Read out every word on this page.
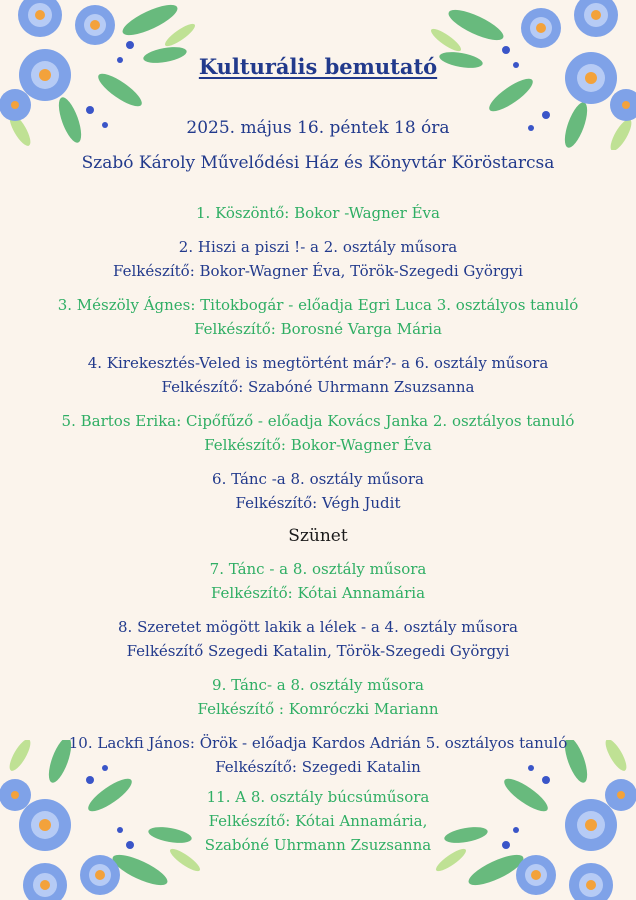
Kulturális bemutató
2025. május 16. péntek 18 óra
Szabó Károly Művelődési Ház és Könyvtár Köröstarcsa
1. Köszöntő: Bokor -Wagner Éva
2. Hiszi a piszi !- a 2. osztály műsora
Felkészítő: Bokor-Wagner Éva, Török-Szegedi Györgyi
3. Mészöly Ágnes: Titokbogár - előadja Egri Luca 3. osztályos tanuló
Felkészítő: Borosné Varga Mária
4. Kirekesztés-Veled is megtörtént már?- a 6. osztály műsora
Felkészítő: Szabóné Uhrmann Zsuzsanna
5. Bartos Erika: Cipőfűző - előadja Kovács Janka 2. osztályos tanuló
Felkészítő: Bokor-Wagner Éva
6. Tánc -a 8. osztály műsora
Felkészítő: Végh Judit
Szünet
7. Tánc - a 8. osztály műsora
Felkészítő: Kótai Annamária
8. Szeretet mögött lakik a lélek - a 4. osztály műsora
Felkészítő Szegedi Katalin, Török-Szegedi Györgyi
9. Tánc- a 8. osztály műsora
Felkészítő : Komróczki Mariann
10. Lackfi János: Örök - előadja Kardos Adrián 5. osztályos tanuló
Felkészítő: Szegedi Katalin
11. A 8. osztály búcsúműsora
Felkészítő: Kótai Annamária,
Szabóné Uhrmann Zsuzsanna
